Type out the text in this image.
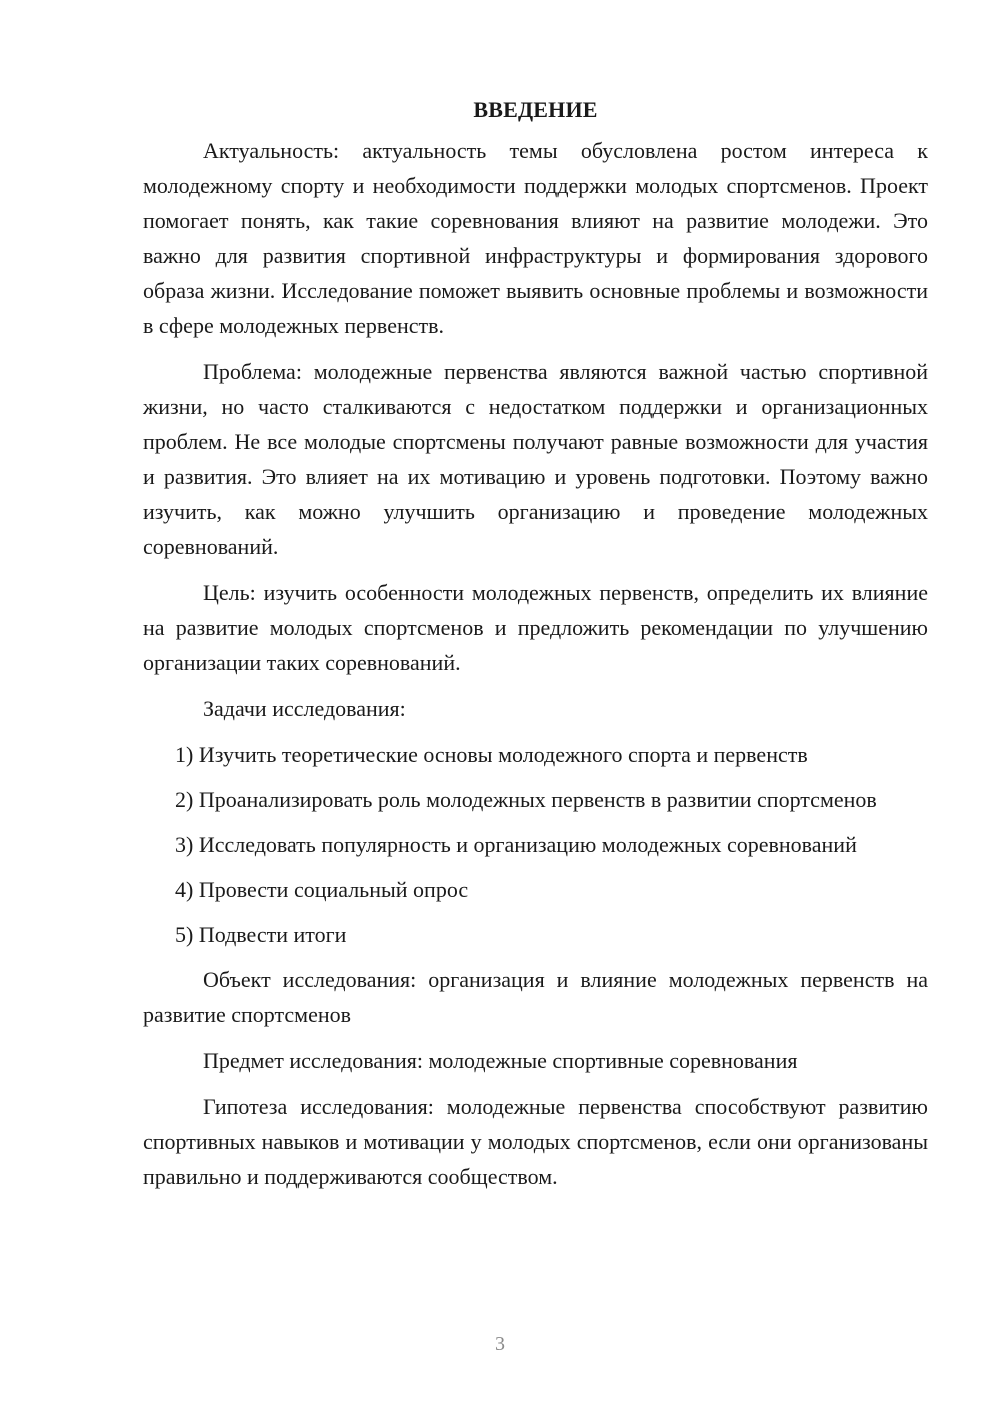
ВВЕДЕНИЕ

Актуальность: актуальность темы обусловлена ростом интереса к молодежному спорту и необходимости поддержки молодых спортсменов. Проект помогает понять, как такие соревнования влияют на развитие молодежи. Это важно для развития спортивной инфраструктуры и формирования здорового образа жизни. Исследование поможет выявить основные проблемы и возможности в сфере молодежных первенств.

Проблема: молодежные первенства являются важной частью спортивной жизни, но часто сталкиваются с недостатком поддержки и организационных проблем. Не все молодые спортсмены получают равные возможности для участия и развития. Это влияет на их мотивацию и уровень подготовки. Поэтому важно изучить, как можно улучшить организацию и проведение молодежных соревнований.

Цель: изучить особенности молодежных первенств, определить их влияние на развитие молодых спортсменов и предложить рекомендации по улучшению организации таких соревнований.

Задачи исследования:

1) Изучить теоретические основы молодежного спорта и первенств

2) Проанализировать роль молодежных первенств в развитии спортсменов

3) Исследовать популярность и организацию молодежных соревнований

4) Провести социальный опрос

5) Подвести итоги

Объект исследования: организация и влияние молодежных первенств на развитие спортсменов

Предмет исследования: молодежные спортивные соревнования

Гипотеза исследования: молодежные первенства способствуют развитию спортивных навыков и мотивации у молодых спортсменов, если они организованы правильно и поддерживаются сообществом.

3
